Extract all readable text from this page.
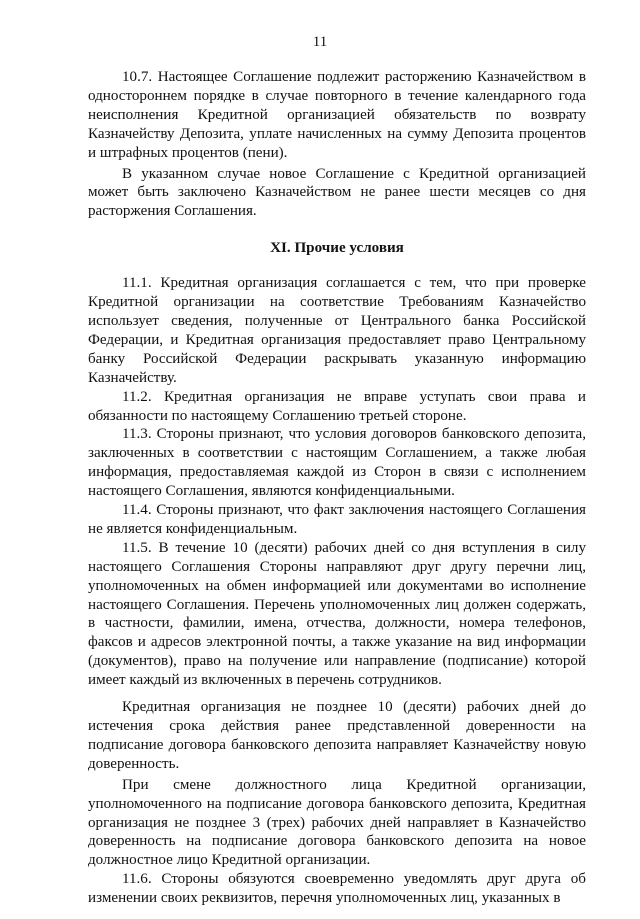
11

10.7. Настоящее Соглашение подлежит расторжению Казначейством в одностороннем порядке в случае повторного в течение календарного года неисполнения Кредитной организацией обязательств по возврату Казначейству Депозита, уплате начисленных на сумму Депозита процентов и штрафных процентов (пени).

В указанном случае новое Соглашение с Кредитной организацией может быть заключено Казначейством не ранее шести месяцев со дня расторжения Соглашения.

XI. Прочие условия

11.1. Кредитная организация соглашается с тем, что при проверке Кредитной организации на соответствие Требованиям Казначейство использует сведения, полученные от Центрального банка Российской Федерации, и Кредитная организация предоставляет право Центральному банку Российской Федерации раскрывать указанную информацию Казначейству.

11.2. Кредитная организация не вправе уступать свои права и обязанности по настоящему Соглашению третьей стороне.

11.3. Стороны признают, что условия договоров банковского депозита, заключенных в соответствии с настоящим Соглашением, а также любая информация, предоставляемая каждой из Сторон в связи с исполнением настоящего Соглашения, являются конфиденциальными.

11.4. Стороны признают, что факт заключения настоящего Соглашения не является конфиденциальным.

11.5. В течение 10 (десяти) рабочих дней со дня вступления в силу настоящего Соглашения Стороны направляют друг другу перечни лиц, уполномоченных на обмен информацией или документами во исполнение настоящего Соглашения. Перечень уполномоченных лиц должен содержать, в частности, фамилии, имена, отчества, должности, номера телефонов, факсов и адресов электронной почты, а также указание на вид информации (документов), право на получение или направление (подписание) которой имеет каждый из включенных в перечень сотрудников.

Кредитная организация не позднее 10 (десяти) рабочих дней до истечения срока действия ранее представленной доверенности на подписание договора банковского депозита направляет Казначейству новую доверенность.

При смене должностного лица Кредитной организации, уполномоченного на подписание договора банковского депозита, Кредитная организация не позднее 3 (трех) рабочих дней направляет в Казначейство доверенность на подписание договора банковского депозита на новое должностное лицо Кредитной организации.

11.6. Стороны обязуются своевременно уведомлять друг друга об изменении своих реквизитов, перечня уполномоченных лиц, указанных в
